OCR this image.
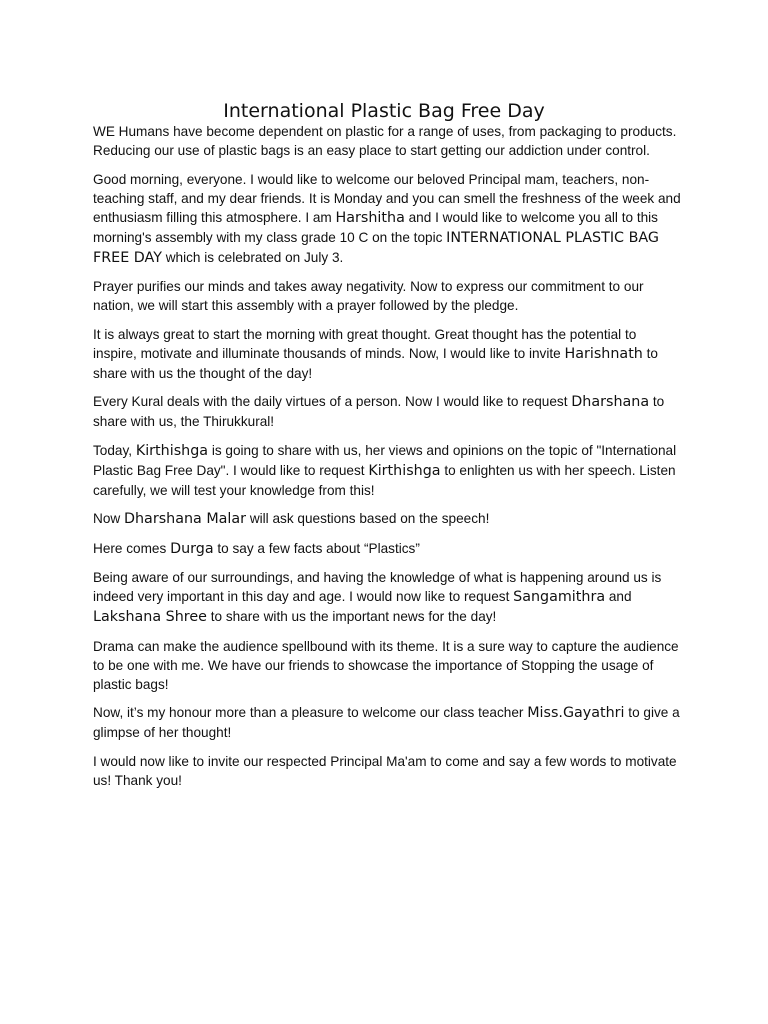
International Plastic Bag Free Day

WE Humans have become dependent on plastic for a range of uses, from packaging to products. Reducing our use of plastic bags is an easy place to start getting our addiction under control.

Good morning, everyone. I would like to welcome our beloved Principal mam, teachers, non-teaching staff, and my dear friends. It is Monday and you can smell the freshness of the week and enthusiasm filling this atmosphere. I am Harshitha and I would like to welcome you all to this morning's assembly with my class grade 10 C on the topic INTERNATIONAL PLASTIC BAG FREE DAY which is celebrated on July 3.

Prayer purifies our minds and takes away negativity. Now to express our commitment to our nation, we will start this assembly with a prayer followed by the pledge.

It is always great to start the morning with great thought. Great thought has the potential to inspire, motivate and illuminate thousands of minds. Now, I would like to invite Harishnath to share with us the thought of the day!

Every Kural deals with the daily virtues of a person. Now I would like to request Dharshana to share with us, the Thirukkural!

Today, Kirthishga is going to share with us, her views and opinions on the topic of "International Plastic Bag Free Day". I would like to request Kirthishga to enlighten us with her speech. Listen carefully, we will test your knowledge from this!

Now Dharshana Malar will ask questions based on the speech!

Here comes Durga to say a few facts about “Plastics”

Being aware of our surroundings, and having the knowledge of what is happening around us is indeed very important in this day and age. I would now like to request Sangamithra and Lakshana Shree to share with us the important news for the day!

Drama can make the audience spellbound with its theme. It is a sure way to capture the audience to be one with me. We have our friends to showcase the importance of Stopping the usage of plastic bags!

Now, it’s my honour more than a pleasure to welcome our class teacher Miss.Gayathri to give a glimpse of her thought!

I would now like to invite our respected Principal Ma'am to come and say a few words to motivate us! Thank you!
